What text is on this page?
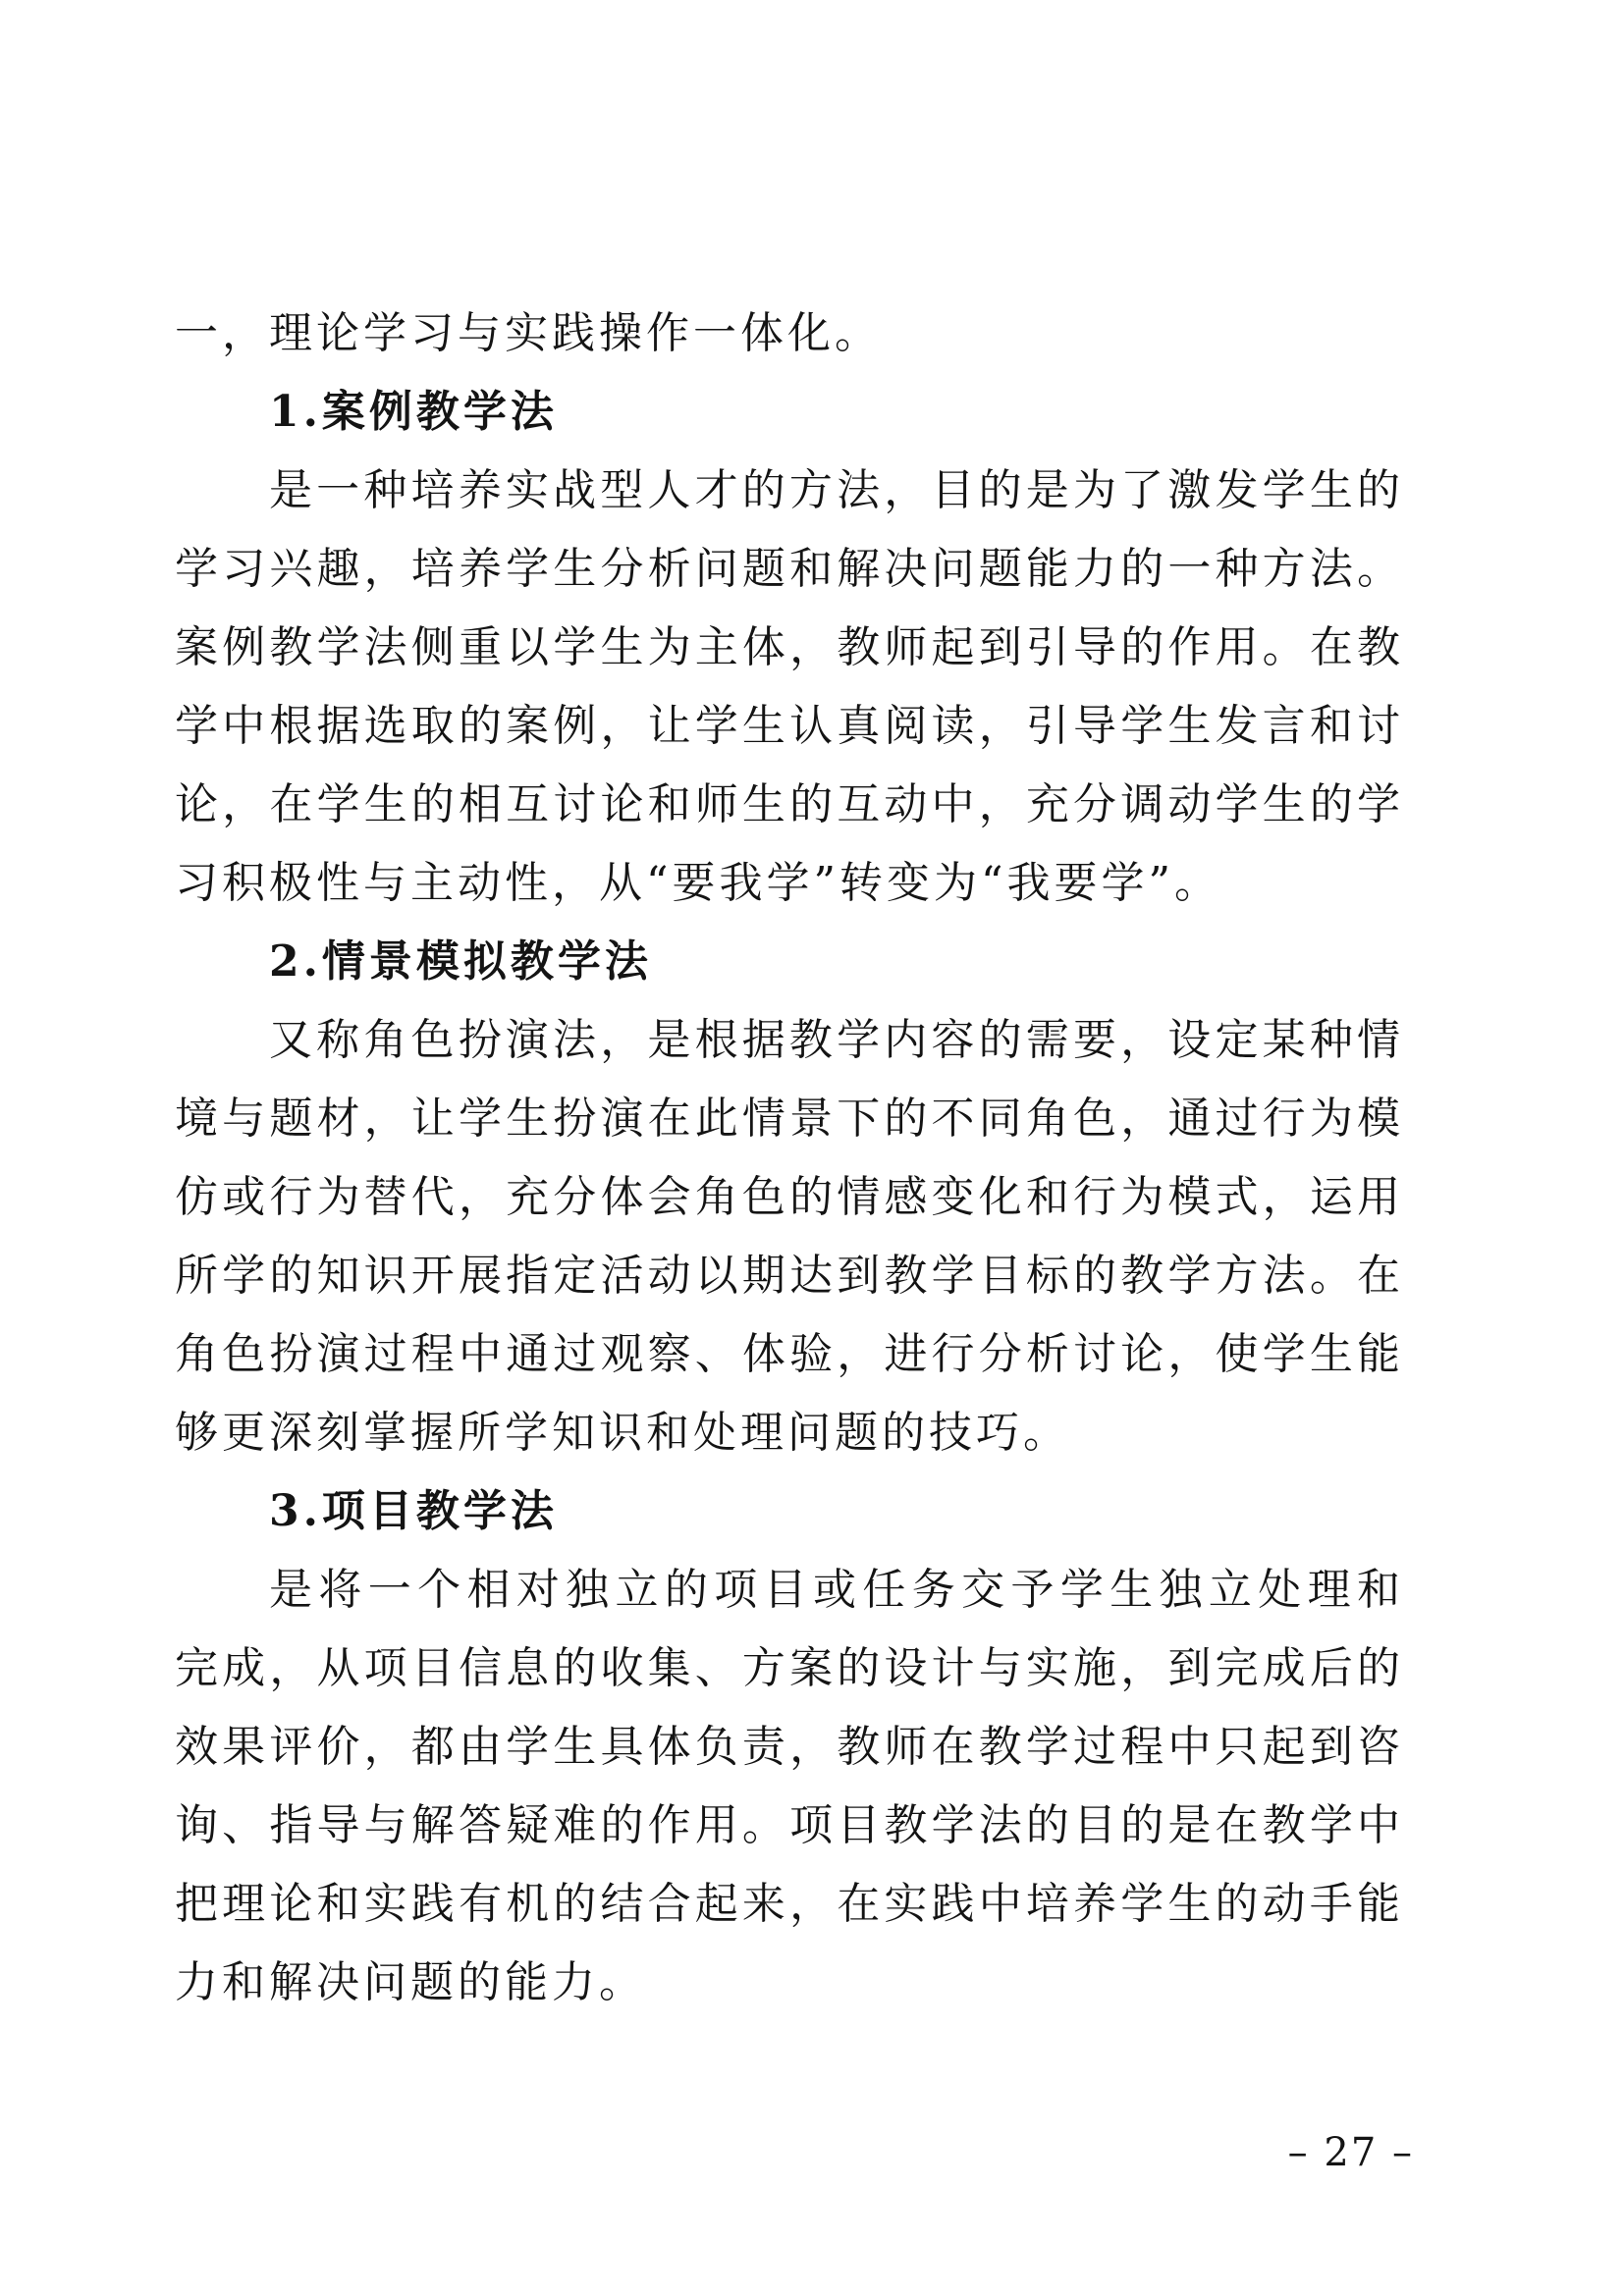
一，理论学习与实践操作一体化。
1.案例教学法
是一种培养实战型人才的方法，目的是为了激发学生的
学习兴趣，培养学生分析问题和解决问题能力的一种方法。
案例教学法侧重以学生为主体，教师起到引导的作用。在教
学中根据选取的案例，让学生认真阅读，引导学生发言和讨
论，在学生的相互讨论和师生的互动中，充分调动学生的学
习积极性与主动性，从“要我学”转变为“我要学”。
2.情景模拟教学法
又称角色扮演法，是根据教学内容的需要，设定某种情
境与题材，让学生扮演在此情景下的不同角色，通过行为模
仿或行为替代，充分体会角色的情感变化和行为模式，运用
所学的知识开展指定活动以期达到教学目标的教学方法。在
角色扮演过程中通过观察、体验，进行分析讨论，使学生能
够更深刻掌握所学知识和处理问题的技巧。
3.项目教学法
是将一个相对独立的项目或任务交予学生独立处理和
完成，从项目信息的收集、方案的设计与实施，到完成后的
效果评价，都由学生具体负责，教师在教学过程中只起到咨
询、指导与解答疑难的作用。项目教学法的目的是在教学中
把理论和实践有机的结合起来，在实践中培养学生的动手能
力和解决问题的能力。
– 27 –
